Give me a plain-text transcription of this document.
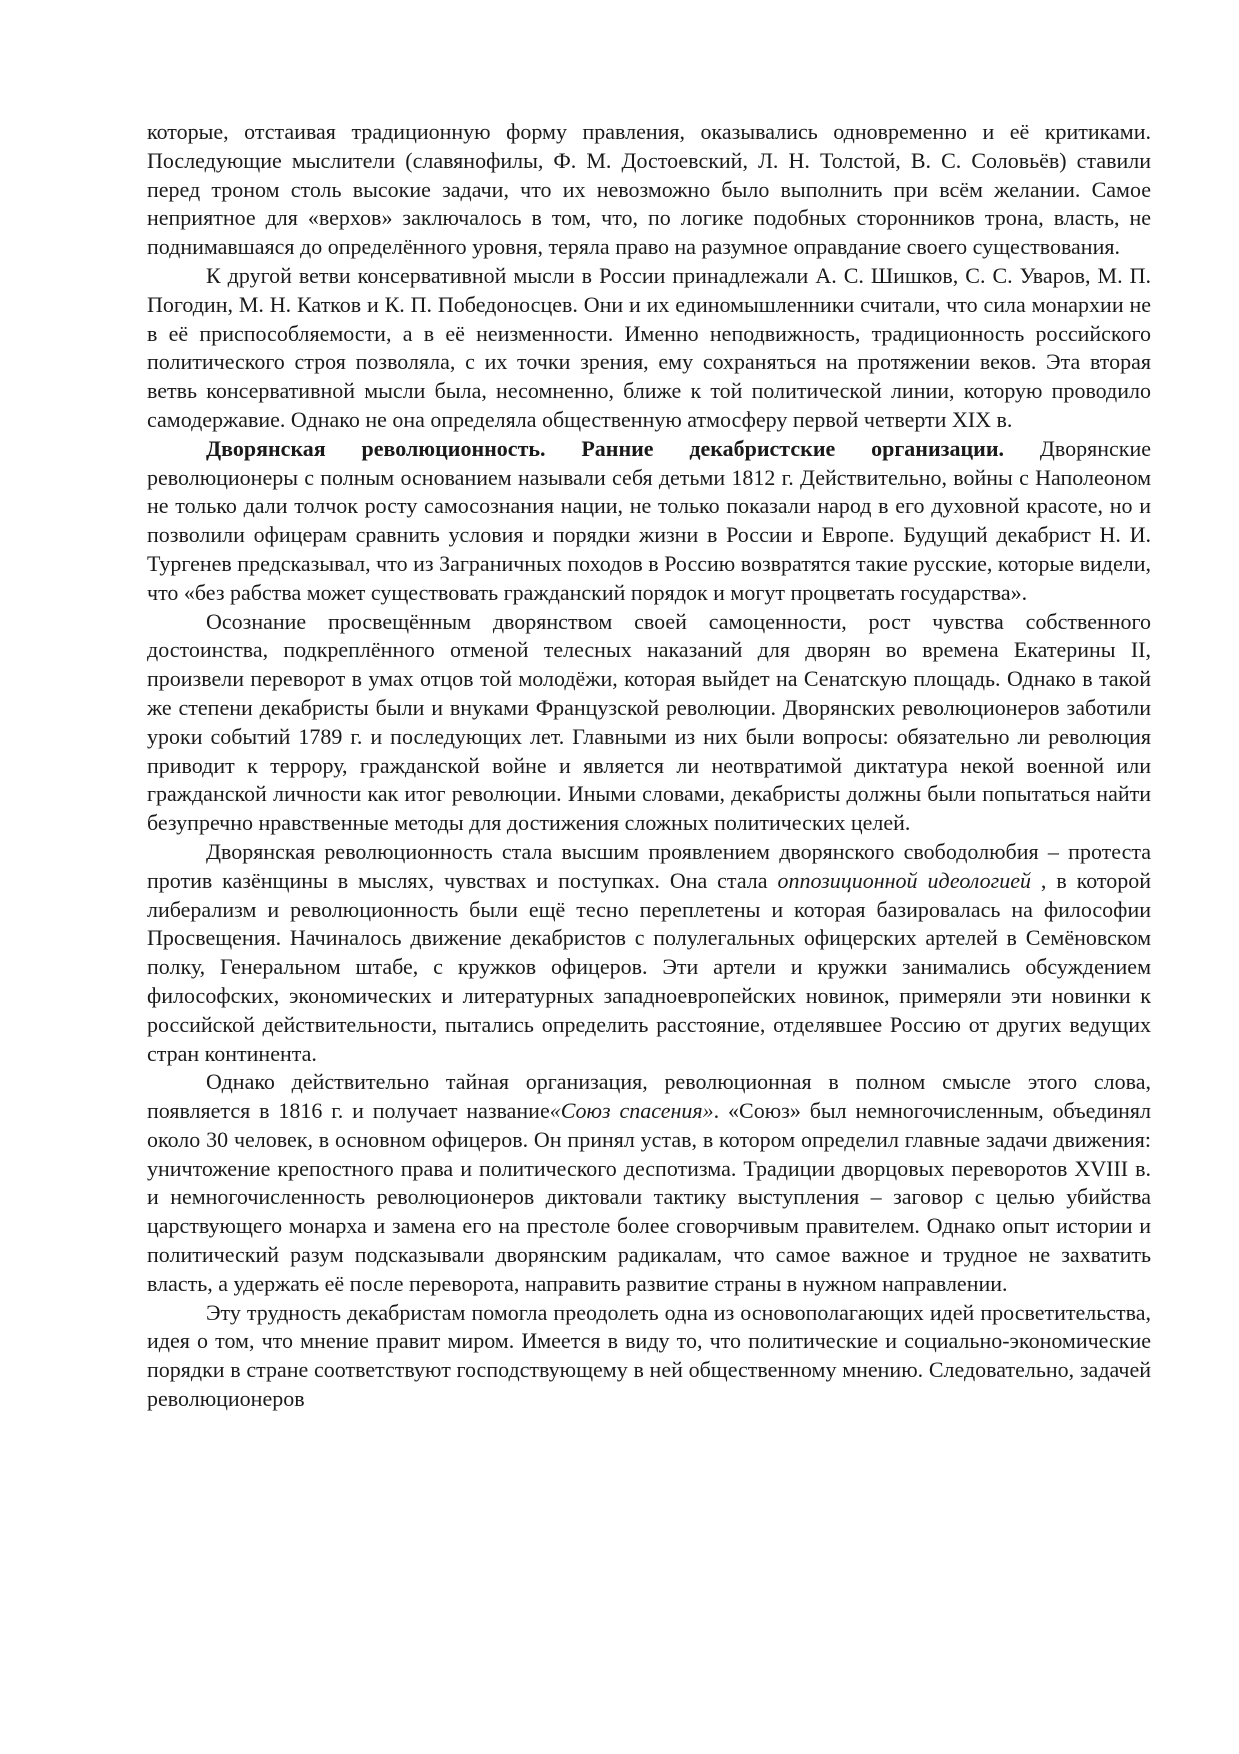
которые, отстаивая традиционную форму правления, оказывались одновременно и её критиками. Последующие мыслители (славянофилы, Ф. М. Достоевский, Л. Н. Толстой, В. С. Соловьёв) ставили перед троном столь высокие задачи, что их невозможно было выполнить при всём желании. Самое неприятное для «верхов» заключалось в том, что, по логике подобных сторонников трона, власть, не поднимавшаяся до определённого уровня, теряла право на разумное оправдание своего существования.

К другой ветви консервативной мысли в России принадлежали А. С. Шишков, С. С. Уваров, М. П. Погодин, М. Н. Катков и К. П. Победоносцев. Они и их единомышленники считали, что сила монархии не в её приспособляемости, а в её неизменности. Именно неподвижность, традиционность российского политического строя позволяла, с их точки зрения, ему сохраняться на протяжении веков. Эта вторая ветвь консервативной мысли была, несомненно, ближе к той политической линии, которую проводило самодержавие. Однако не она определяла общественную атмосферу первой четверти XIX в.

Дворянская революционность. Ранние декабристские организации. Дворянские революционеры с полным основанием называли себя детьми 1812 г. Действительно, войны с Наполеоном не только дали толчок росту самосознания нации, не только показали народ в его духовной красоте, но и позволили офицерам сравнить условия и порядки жизни в России и Европе. Будущий декабрист Н. И. Тургенев предсказывал, что из Заграничных походов в Россию возвратятся такие русские, которые видели, что «без рабства может существовать гражданский порядок и могут процветать государства».

Осознание просвещённым дворянством своей самоценности, рост чувства собственного достоинства, подкреплённого отменой телесных наказаний для дворян во времена Екатерины II, произвели переворот в умах отцов той молодёжи, которая выйдет на Сенатскую площадь. Однако в такой же степени декабристы были и внуками Французской революции. Дворянских революционеров заботили уроки событий 1789 г. и последующих лет. Главными из них были вопросы: обязательно ли революция приводит к террору, гражданской войне и является ли неотвратимой диктатура некой военной или гражданской личности как итог революции. Иными словами, декабристы должны были попытаться найти безупречно нравственные методы для достижения сложных политических целей.

Дворянская революционность стала высшим проявлением дворянского свободолюбия – протеста против казёнщины в мыслях, чувствах и поступках. Она стала оппозиционной идеологией , в которой либерализм и революционность были ещё тесно переплетены и которая базировалась на философии Просвещения. Начиналось движение декабристов с полулегальных офицерских артелей в Семёновском полку, Генеральном штабе, с кружков офицеров. Эти артели и кружки занимались обсуждением философских, экономических и литературных западноевропейских новинок, примеряли эти новинки к российской действительности, пытались определить расстояние, отделявшее Россию от других ведущих стран континента.

Однако действительно тайная организация, революционная в полном смысле этого слова, появляется в 1816 г. и получает название«Союз спасения». «Союз» был немногочисленным, объединял около 30 человек, в основном офицеров. Он принял устав, в котором определил главные задачи движения: уничтожение крепостного права и политического деспотизма. Традиции дворцовых переворотов XVIII в. и немногочисленность революционеров диктовали тактику выступления – заговор с целью убийства царствующего монарха и замена его на престоле более сговорчивым правителем. Однако опыт истории и политический разум подсказывали дворянским радикалам, что самое важное и трудное не захватить власть, а удержать её после переворота, направить развитие страны в нужном направлении.

Эту трудность декабристам помогла преодолеть одна из основополагающих идей просветительства, идея о том, что мнение правит миром. Имеется в виду то, что политические и социально-экономические порядки в стране соответствуют господствующему в ней общественному мнению. Следовательно, задачей революционеров
